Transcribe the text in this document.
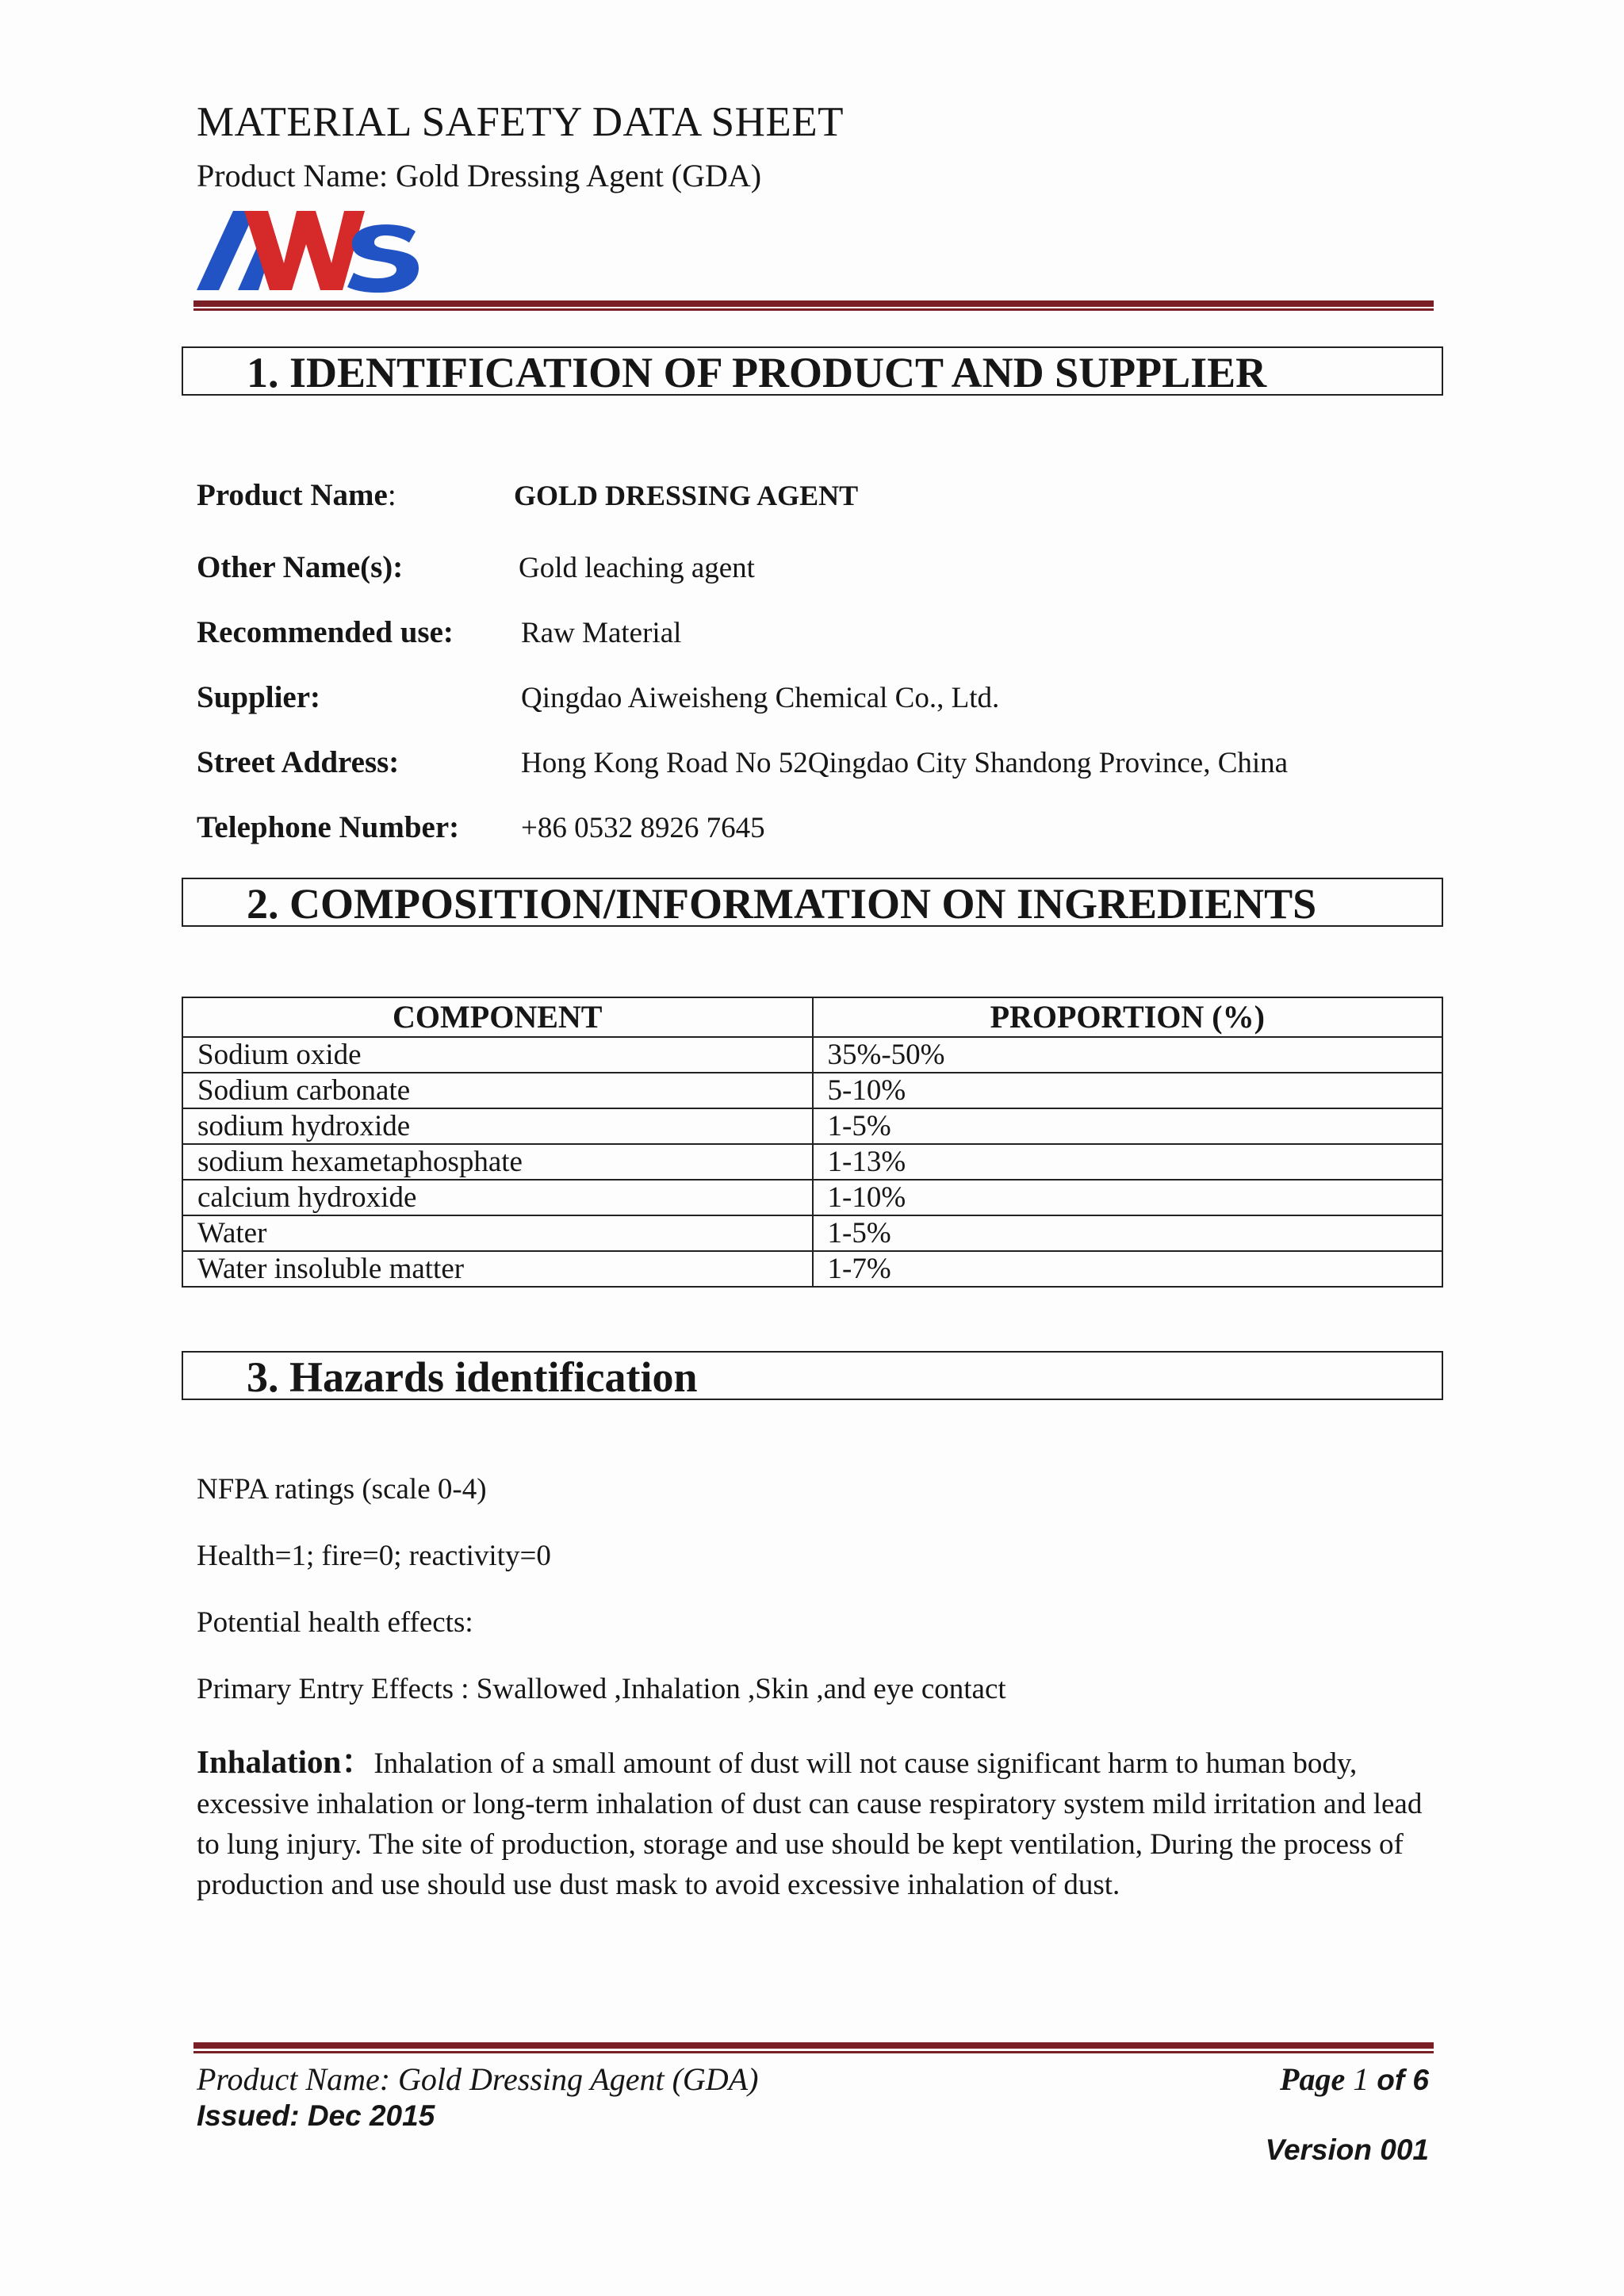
MATERIAL SAFETY DATA SHEET
Product Name: Gold Dressing Agent (GDA)
1. IDENTIFICATION OF PRODUCT AND SUPPLIER
Product Name:	GOLD DRESSING AGENT
Other Name(s):	Gold leaching agent
Recommended use: Raw Material
Supplier:	Qingdao Aiweisheng Chemical Co., Ltd.
Street Address:	Hong Kong Road No 52Qingdao City Shandong Province, China
Telephone Number: +86 0532 8926 7645
2. COMPOSITION/INFORMATION ON INGREDIENTS
COMPONENT	PROPORTION (%)
Sodium oxide	35%-50%
Sodium carbonate	5-10%
sodium hydroxide	1-5%
sodium hexametaphosphate	1-13%
calcium hydroxide	1-10%
Water	1-5%
Water insoluble matter	1-7%
3. Hazards identification
NFPA ratings (scale 0-4)
Health=1; fire=0; reactivity=0
Potential health effects:
Primary Entry Effects : Swallowed ,Inhalation ,Skin ,and eye contact
Inhalation：Inhalation of a small amount of dust will not cause significant harm to human body, excessive inhalation or long-term inhalation of dust can cause respiratory system mild irritation and lead to lung injury. The site of production, storage and use should be kept ventilation, During the process of production and use should use dust mask to avoid excessive inhalation of dust.
Product Name: Gold Dressing Agent (GDA)
Issued: Dec 2015
Page 1 of 6
Version 001
